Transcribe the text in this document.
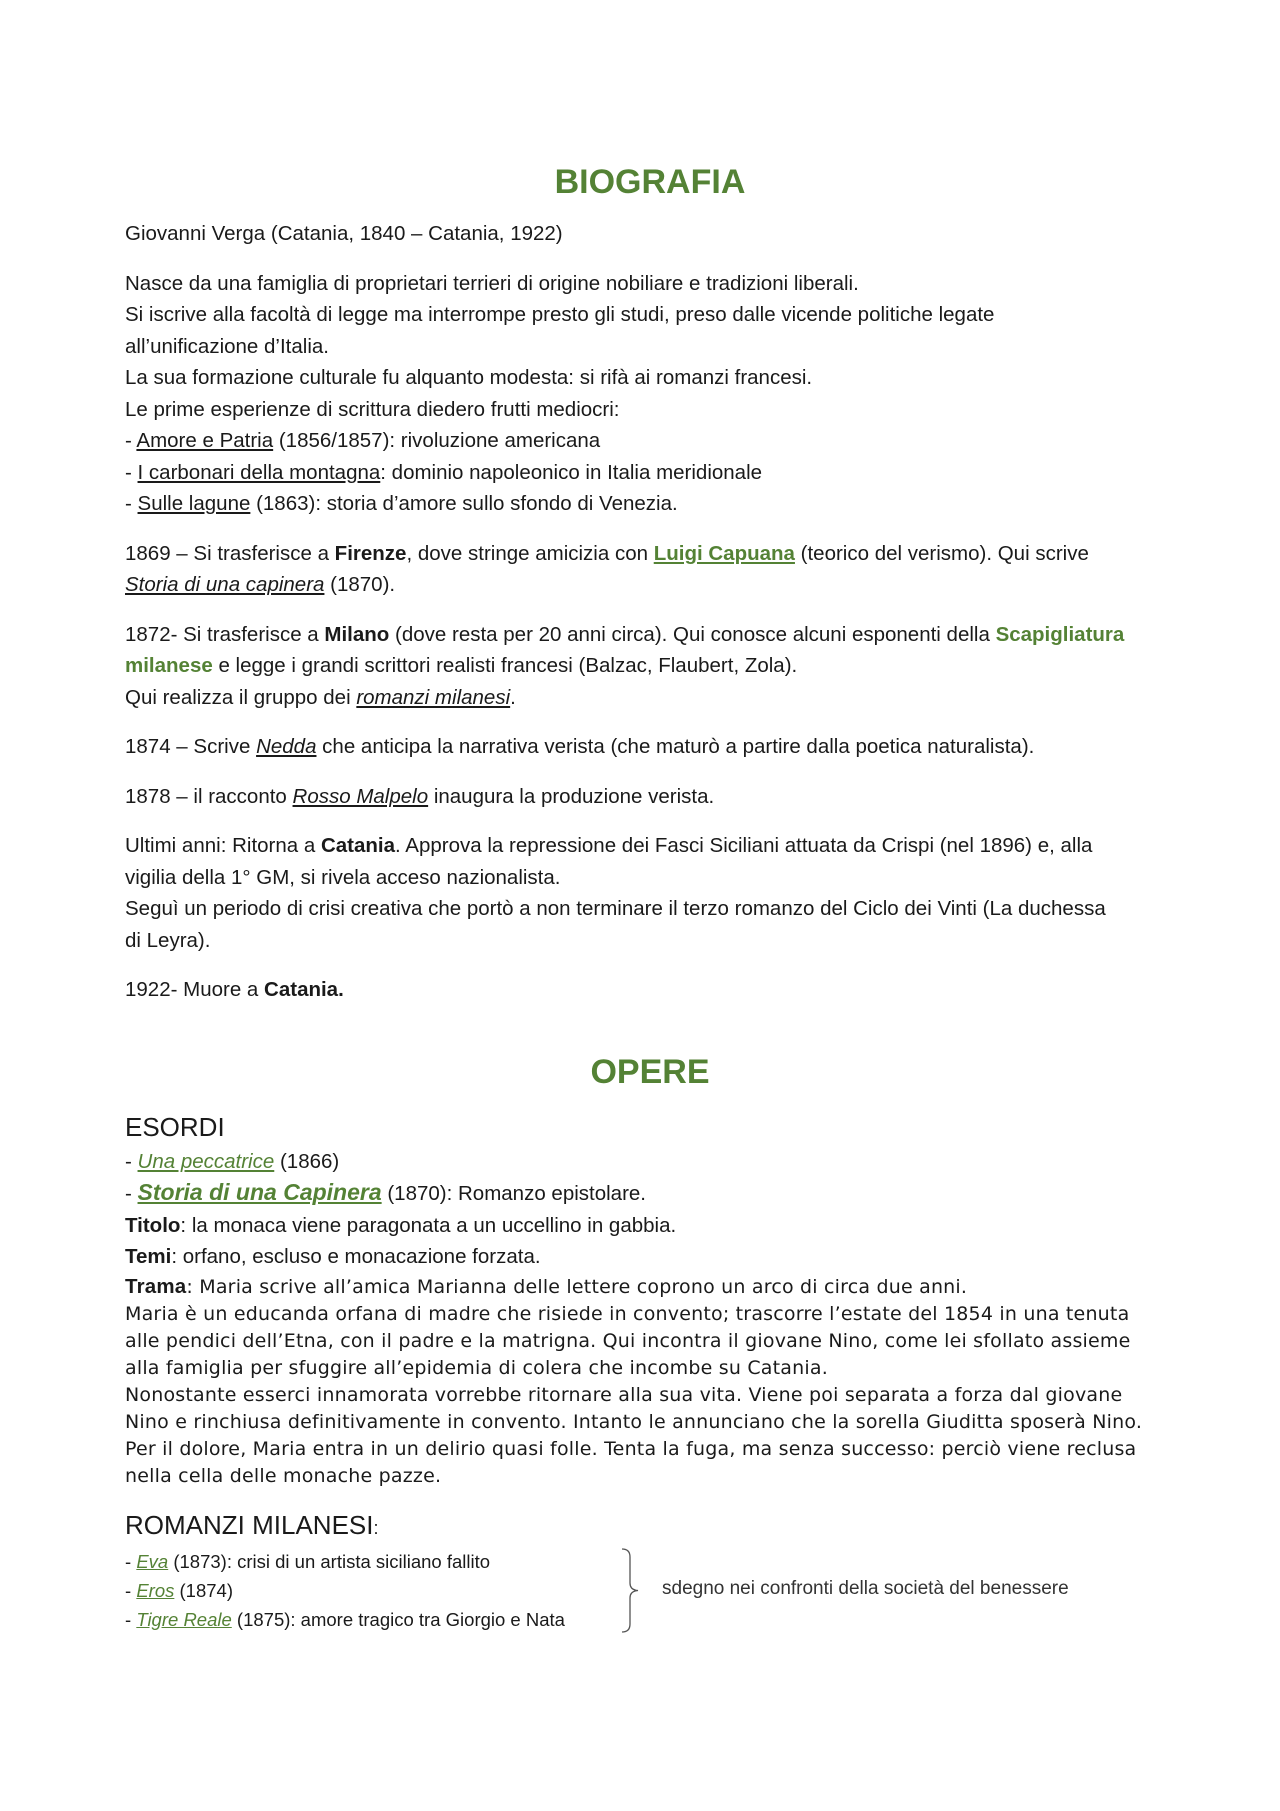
BIOGRAFIA

Giovanni Verga (Catania, 1840 – Catania, 1922)

Nasce da una famiglia di proprietari terrieri di origine nobiliare e tradizioni liberali.
Si iscrive alla facoltà di legge ma interrompe presto gli studi, preso dalle vicende politiche legate
all’unificazione d’Italia.
La sua formazione culturale fu alquanto modesta: si rifà ai romanzi francesi.
Le prime esperienze di scrittura diedero frutti mediocri:
- Amore e Patria (1856/1857): rivoluzione americana
- I carbonari della montagna: dominio napoleonico in Italia meridionale
- Sulle lagune (1863): storia d’amore sullo sfondo di Venezia.

1869 – Si trasferisce a Firenze, dove stringe amicizia con Luigi Capuana (teorico del verismo). Qui scrive
Storia di una capinera (1870).

1872- Si trasferisce a Milano (dove resta per 20 anni circa). Qui conosce alcuni esponenti della Scapigliatura
milanese e legge i grandi scrittori realisti francesi (Balzac, Flaubert, Zola).
Qui realizza il gruppo dei romanzi milanesi.

1874 – Scrive Nedda che anticipa la narrativa verista (che maturò a partire dalla poetica naturalista).

1878 – il racconto Rosso Malpelo inaugura la produzione verista.

Ultimi anni: Ritorna a Catania. Approva la repressione dei Fasci Siciliani attuata da Crispi (nel 1896) e, alla
vigilia della 1° GM, si rivela acceso nazionalista.
Seguì un periodo di crisi creativa che portò a non terminare il terzo romanzo del Ciclo dei Vinti (La duchessa
di Leyra).

1922- Muore a Catania.

OPERE
ESORDI
- Una peccatrice (1866)
- Storia di una Capinera (1870): Romanzo epistolare.
Titolo: la monaca viene paragonata a un uccellino in gabbia.
Temi: orfano, escluso e monacazione forzata.
Trama: Maria scrive all’amica Marianna delle lettere coprono un arco di circa due anni.
Maria è un educanda orfana di madre che risiede in convento; trascorre l’estate del 1854 in una tenuta
alle pendici dell’Etna, con il padre e la matrigna. Qui incontra il giovane Nino, come lei sfollato assieme
alla famiglia per sfuggire all’epidemia di colera che incombe su Catania.
Nonostante esserci innamorata vorrebbe ritornare alla sua vita. Viene poi separata a forza dal giovane
Nino e rinchiusa definitivamente in convento. Intanto le annunciano che la sorella Giuditta sposerà Nino.
Per il dolore, Maria entra in un delirio quasi folle. Tenta la fuga, ma senza successo: perciò viene reclusa
nella cella delle monache pazze.
ROMANZI MILANESI:
- Eva (1873): crisi di un artista siciliano fallito
- Eros (1874)
- Tigre Reale (1875): amore tragico tra Giorgio e Nata
sdegno nei confronti della società del benessere
